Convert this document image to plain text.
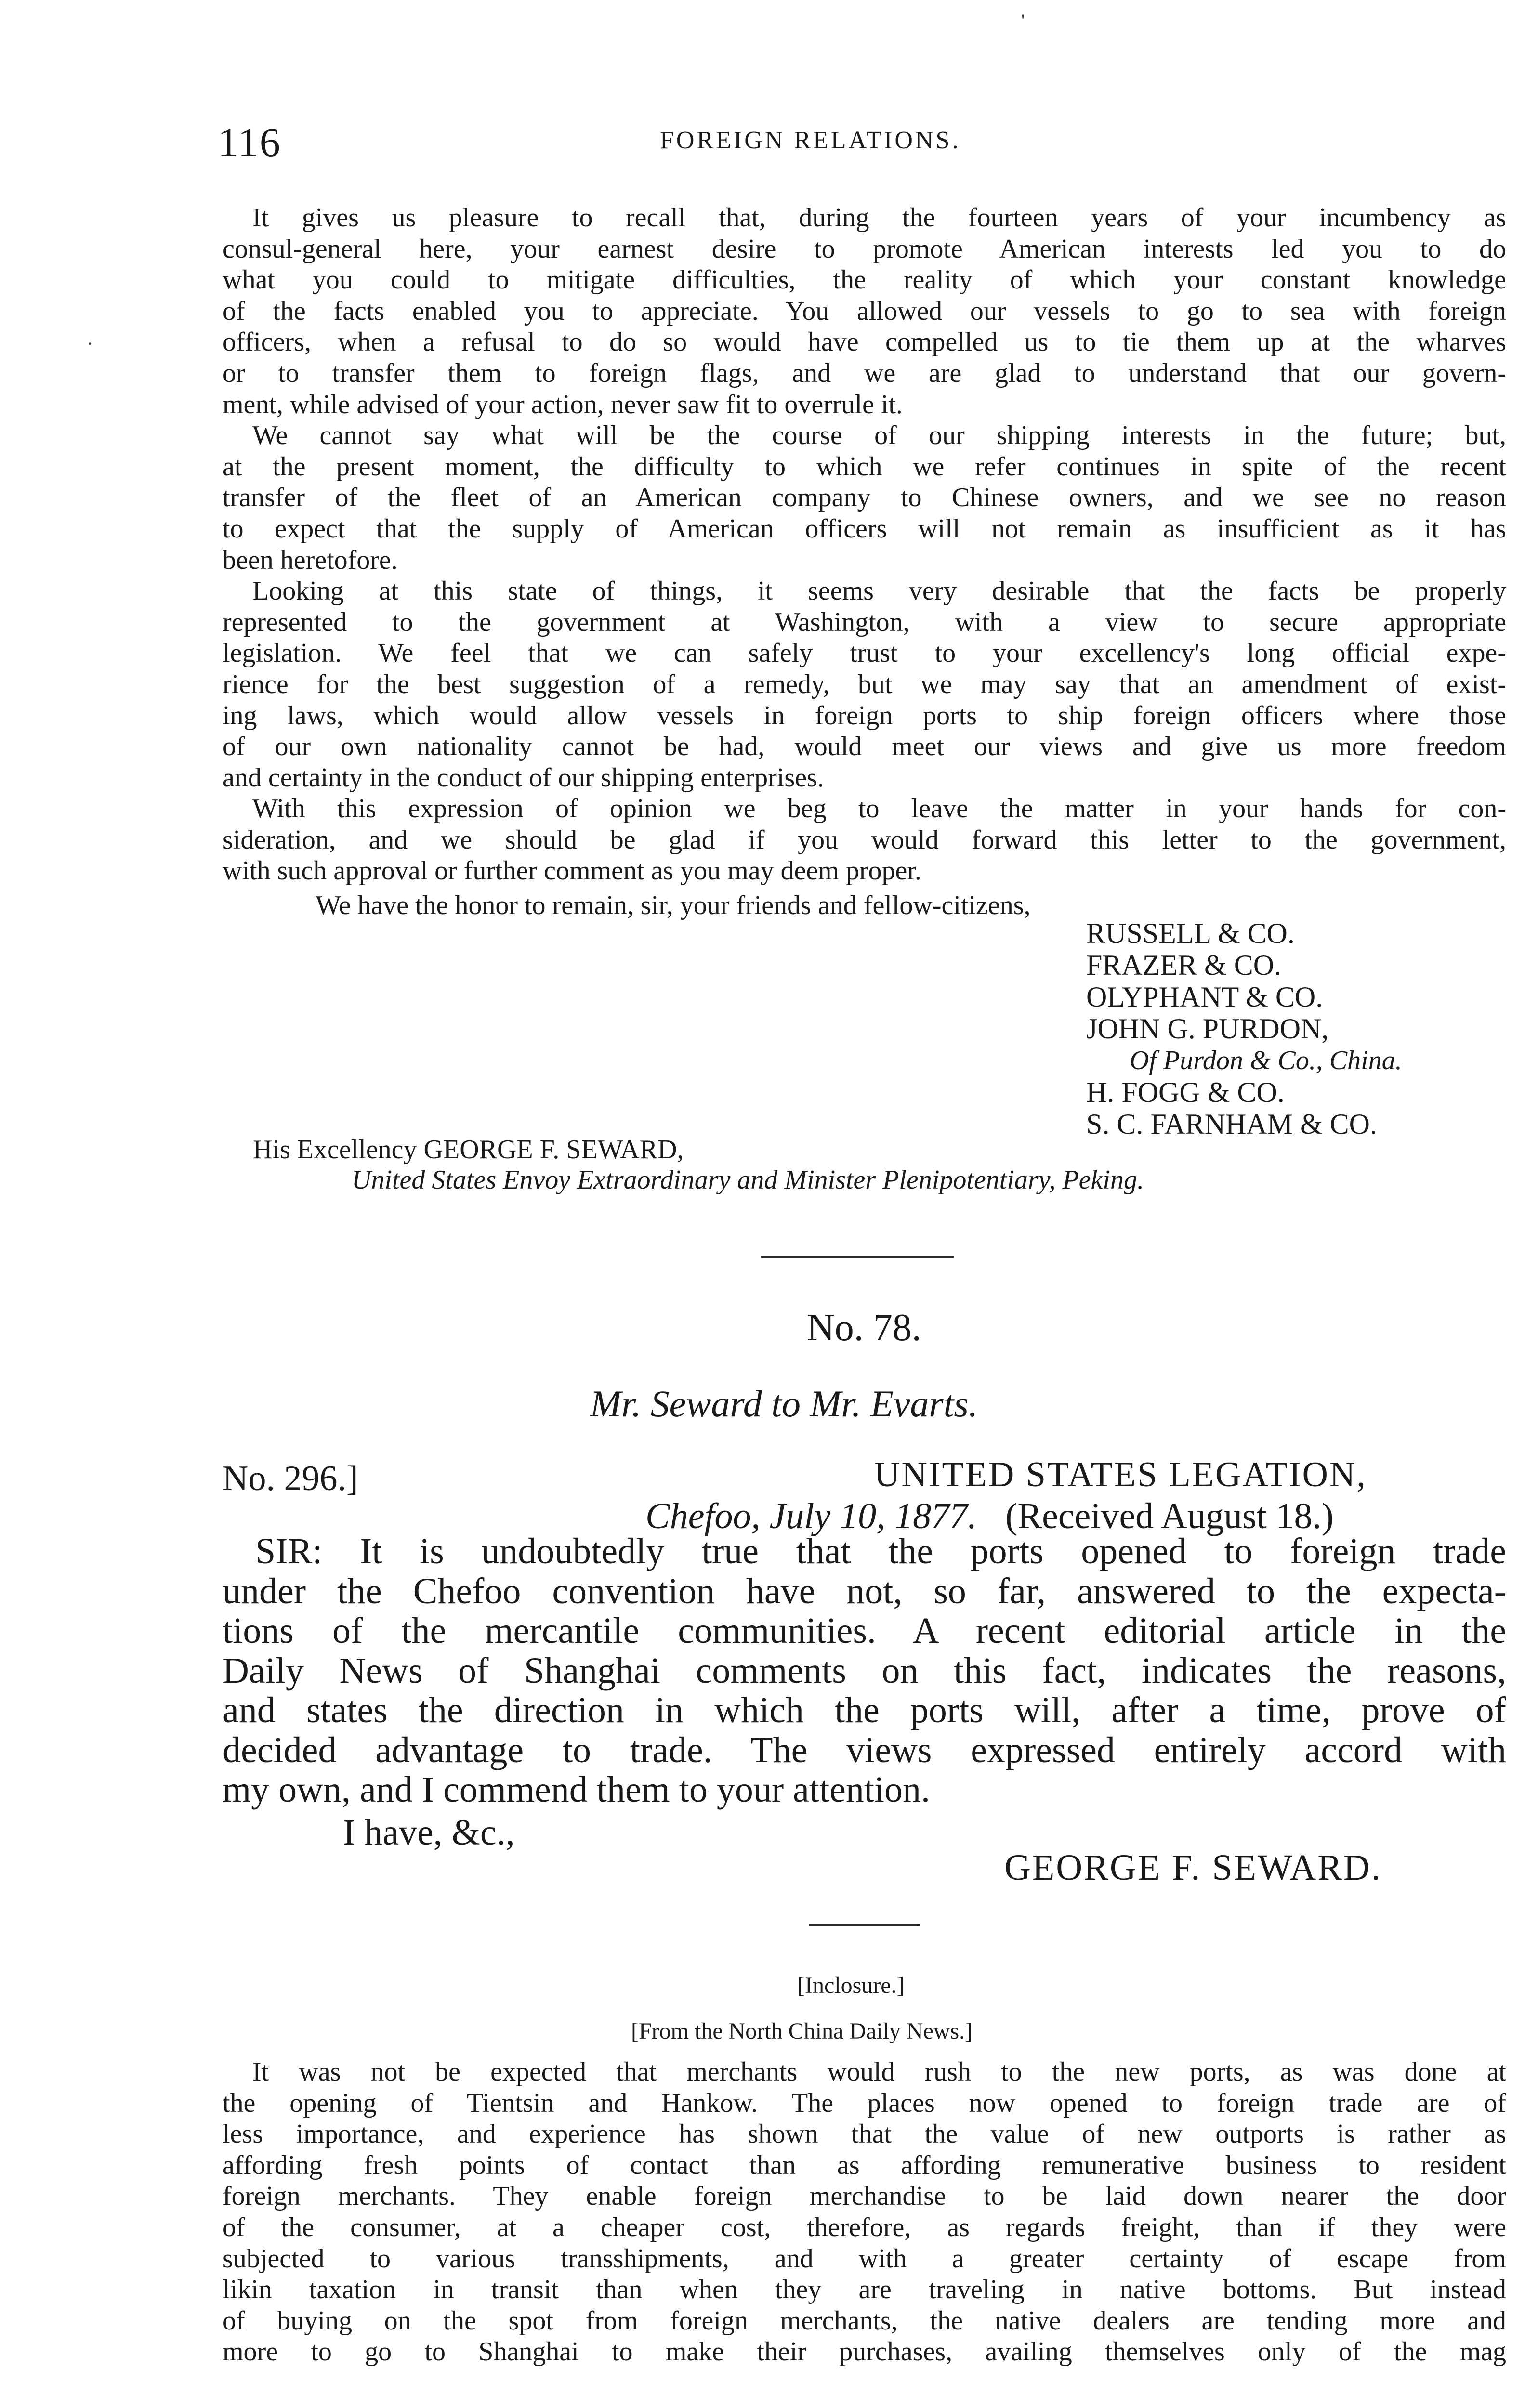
116	FOREIGN RELATIONS.
'
·
It gives us pleasure to recall that, during the fourteen years of your incumbency as
consul-general here, your earnest desire to promote American interests led you to do
what you could to mitigate difficulties, the reality of which your constant knowledge
of the facts enabled you to appreciate. You allowed our vessels to go to sea with foreign
officers, when a refusal to do so would have compelled us to tie them up at the wharves
or to transfer them to foreign flags, and we are glad to understand that our govern-
ment, while advised of your action, never saw fit to overrule it.
We cannot say what will be the course of our shipping interests in the future; but,
at the present moment, the difficulty to which we refer continues in spite of the recent
transfer of the fleet of an American company to Chinese owners, and we see no reason
to expect that the supply of American officers will not remain as insufficient as it has
been heretofore.
Looking at this state of things, it seems very desirable that the facts be properly
represented to the government at Washington, with a view to secure appropriate
legislation. We feel that we can safely trust to your excellency's long official expe-
rience for the best suggestion of a remedy, but we may say that an amendment of exist-
ing laws, which would allow vessels in foreign ports to ship foreign officers where those
of our own nationality cannot be had, would meet our views and give us more freedom
and certainty in the conduct of our shipping enterprises.
With this expression of opinion we beg to leave the matter in your hands for con-
sideration, and we should be glad if you would forward this letter to the government,
with such approval or further comment as you may deem proper.
We have the honor to remain, sir, your friends and fellow-citizens,
RUSSELL & CO.
FRAZER & CO.
OLYPHANT & CO.
JOHN G. PURDON,
Of Purdon & Co., China.
H. FOGG & CO.
S. C. FARNHAM & CO.
His Excellency GEORGE F. SEWARD,
United States Envoy Extraordinary and Minister Plenipotentiary, Peking.
No. 78.
Mr. Seward to Mr. Evarts.
No. 296.]	UNITED STATES LEGATION,
Chefoo, July 10, 1877. (Received August 18.)
SIR: It is undoubtedly true that the ports opened to foreign trade
under the Chefoo convention have not, so far, answered to the expecta-
tions of the mercantile communities. A recent editorial article in the
Daily News of Shanghai comments on this fact, indicates the reasons,
and states the direction in which the ports will, after a time, prove of
decided advantage to trade. The views expressed entirely accord with
my own, and I commend them to your attention.
I have, &c.,
GEORGE F. SEWARD.
[Inclosure.]
[From the North China Daily News.]
It was not be expected that merchants would rush to the new ports, as was done at
the opening of Tientsin and Hankow. The places now opened to foreign trade are of
less importance, and experience has shown that the value of new outports is rather as
affording fresh points of contact than as affording remunerative business to resident
foreign merchants. They enable foreign merchandise to be laid down nearer the door
of the consumer, at a cheaper cost, therefore, as regards freight, than if they were
subjected to various transshipments, and with a greater certainty of escape from
likin taxation in transit than when they are traveling in native bottoms. But instead
of buying on the spot from foreign merchants, the native dealers are tending more and
more to go to Shanghai to make their purchases, availing themselves only of the mag
